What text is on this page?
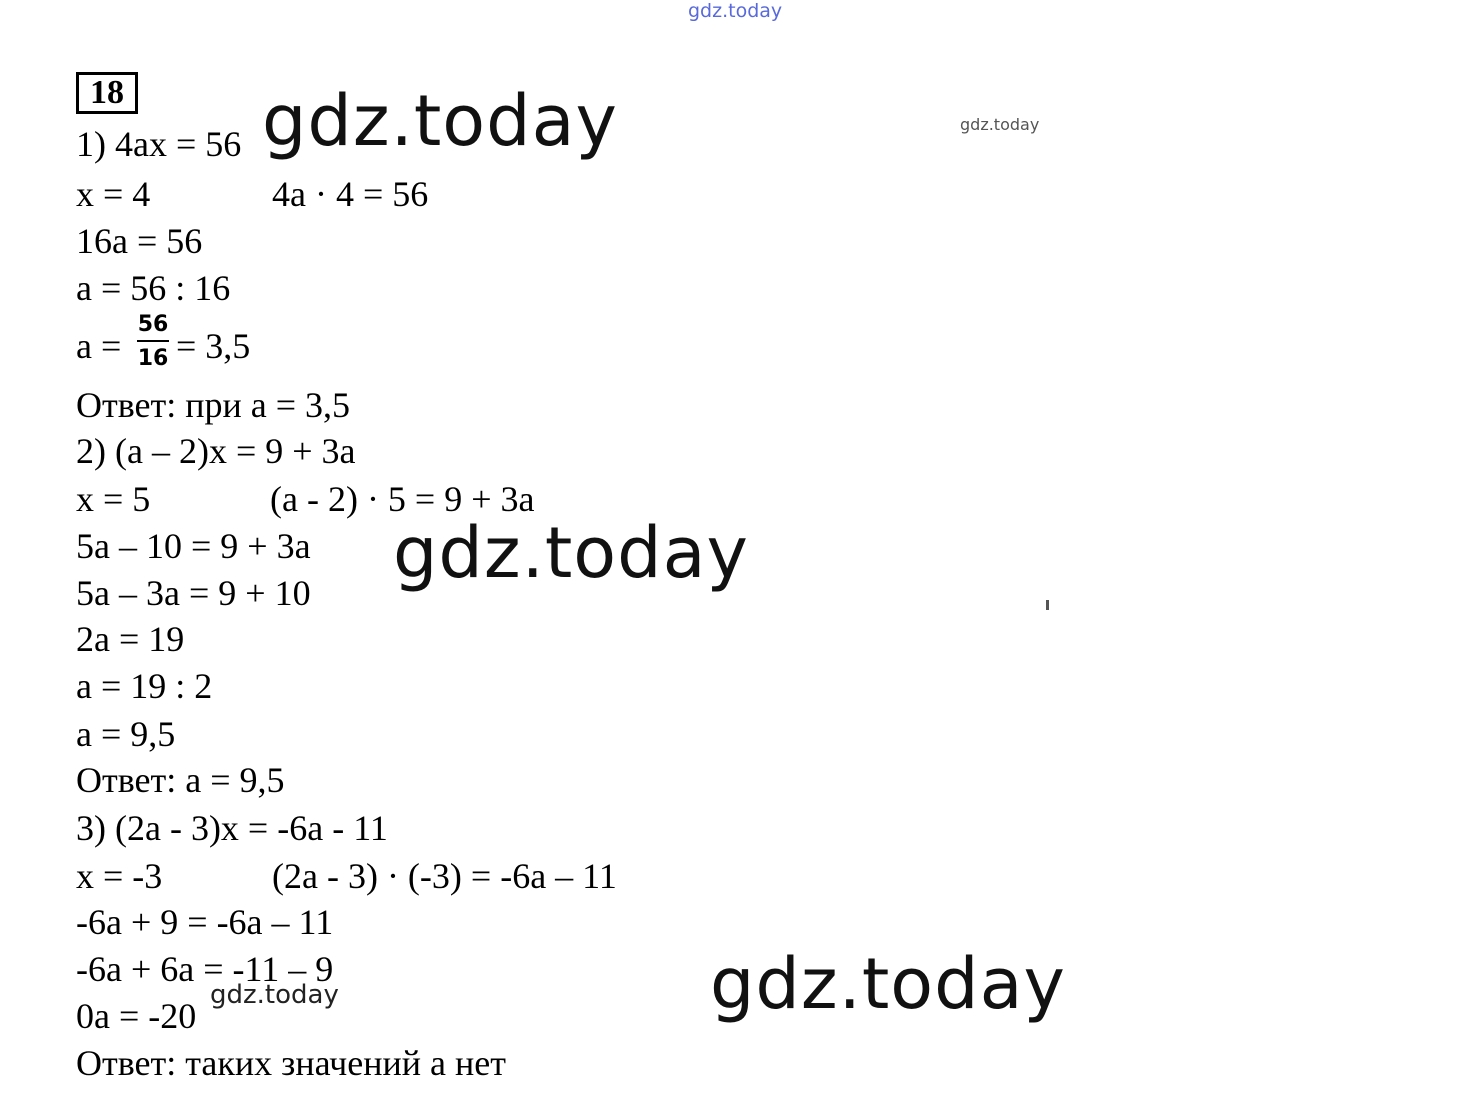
gdz.today
gdz.today
18
1) 4ax = 56
x = 4	4a · 4 = 56
16a = 56
a = 56 : 16
a =
56
16 = 3,5
Ответ: при a = 3,5
2) (a – 2)x = 9 + 3a
x = 5	(a - 2) · 5 = 9 + 3a
5a – 10 = 9 + 3a
5a – 3a = 9 + 10
2a = 19
a = 19 : 2
a = 9,5
Ответ: a = 9,5
3) (2a - 3)x = -6a - 11
x = -3	(2a - 3) · (-3) = -6a – 11
-6a + 9 = -6a – 11
-6a + 6a = -11 – 9
0a = -20
Ответ: таких значений a нет
gdz.today
gdz.today
gdz.today
gdz.today
